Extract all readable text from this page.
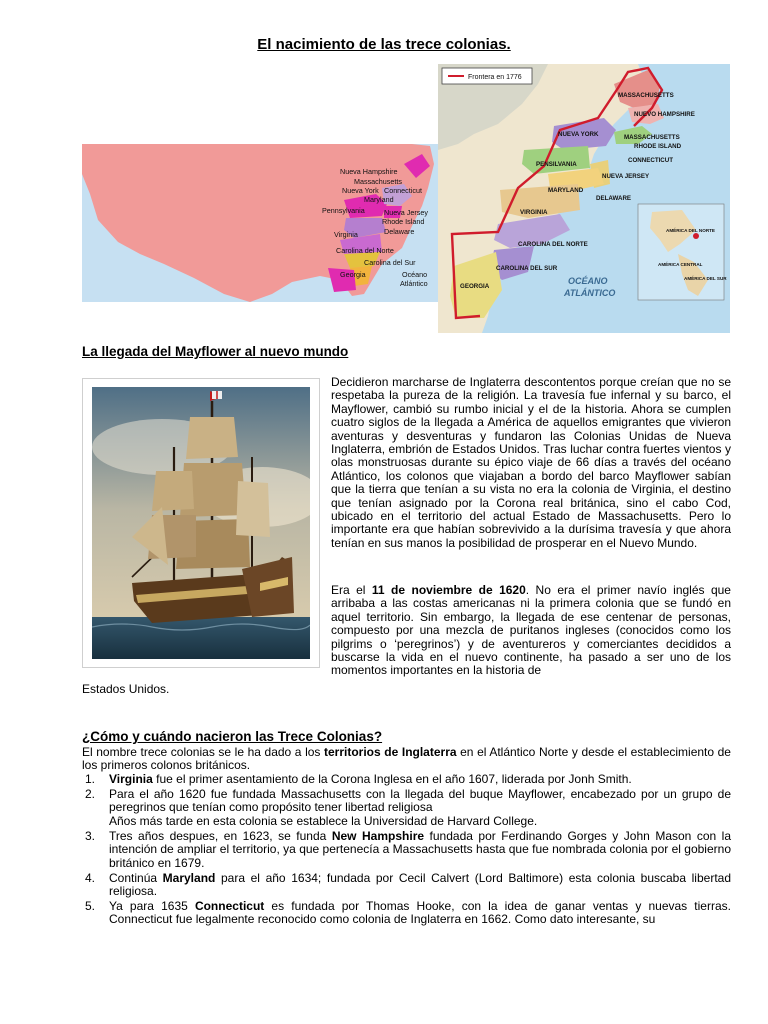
El nacimiento de las trece colonias.
Nueva Hampshire
Massachusetts
Nueva York Connecticut
Maryland
Pennsylvania	Nueva Jersey
Rhode Island
Virginia	Delaware
Carolina del Norte
Carolina del Sur
Georgia	Océano
Atlántico
Frontera en 1776
MASSACHUSETTS
NUEVO HAMPSHIRE
MASSACHUSETTS
RHODE ISLAND
NUEVA YORK
CONNECTICUT
PENSILVANIA
NUEVA JERSEY
MARYLAND
DELAWARE
VIRGINIA
CAROLINA DEL NORTE
CAROLINA DEL SUR
GEORGIA
OCÉANO
ATLÁNTICO
AMÉRICA DEL NORTE
AMÉRICA CENTRAL
AMÉRICA DEL SUR
La llegada del Mayflower al nuevo mundo
Decidieron marcharse de Inglaterra descontentos porque creían que no se respetaba la pureza de la religión. La travesía fue infernal y su barco, el Mayflower, cambió su rumbo inicial y el de la historia. Ahora se cumplen cuatro siglos de la llegada a América de aquellos emigrantes que vivieron aventuras y desventuras y fundaron las Colonias Unidas de Nueva Inglaterra, embrión de Estados Unidos. Tras luchar contra fuertes vientos y olas monstruosas durante su épico viaje de 66 días a través del océano Atlántico, los colonos que viajaban a bordo del barco Mayflower sabían que la tierra que tenían a su vista no era la colonia de Virginia, el destino que tenían asignado por la Corona real británica, sino el cabo Cod, ubicado en el territorio del actual Estado de Massachusetts. Pero lo importante era que habían sobrevivido a la durísima travesía y que ahora tenían en sus manos la posibilidad de prosperar en el Nuevo Mundo.
Era el 11 de noviembre de 1620. No era el primer navío inglés que arribaba a las costas americanas ni la primera colonia que se fundó en aquel territorio. Sin embargo, la llegada de ese centenar de personas, compuesto por una mezcla de puritanos ingleses (conocidos como los pilgrims o ‘peregrinos’) y de aventureros y comerciantes decididos a buscarse la vida en el nuevo continente, ha pasado a ser uno de los momentos importantes en la historia de
Estados Unidos.
¿Cómo y cuándo nacieron las Trece Colonias?
El nombre trece colonias se le ha dado a los territorios de Inglaterra en el Atlántico Norte y desde el establecimiento de los primeros colonos británicos.
1. Virginia fue el primer asentamiento de la Corona Inglesa en el año 1607, liderada por Jonh Smith.
2. Para el año 1620 fue fundada Massachusetts con la llegada del buque Mayflower, encabezado por un grupo de peregrinos que tenían como propósito tener libertad religiosa
Años más tarde en esta colonia se establece la Universidad de Harvard College.
3. Tres años despues, en 1623, se funda New Hampshire fundada por Ferdinando Gorges y John Mason con la intención de ampliar el territorio, ya que pertenecía a Massachusetts hasta que fue nombrada colonia por el gobierno británico en 1679.
4. Continúa Maryland para el año 1634; fundada por Cecil Calvert (Lord Baltimore) esta colonia buscaba libertad religiosa.
5. Ya para 1635 Connecticut es fundada por Thomas Hooke, con la idea de ganar ventas y nuevas tierras. Connecticut fue legalmente reconocido como colonia de Inglaterra en 1662. Como dato interesante, su
